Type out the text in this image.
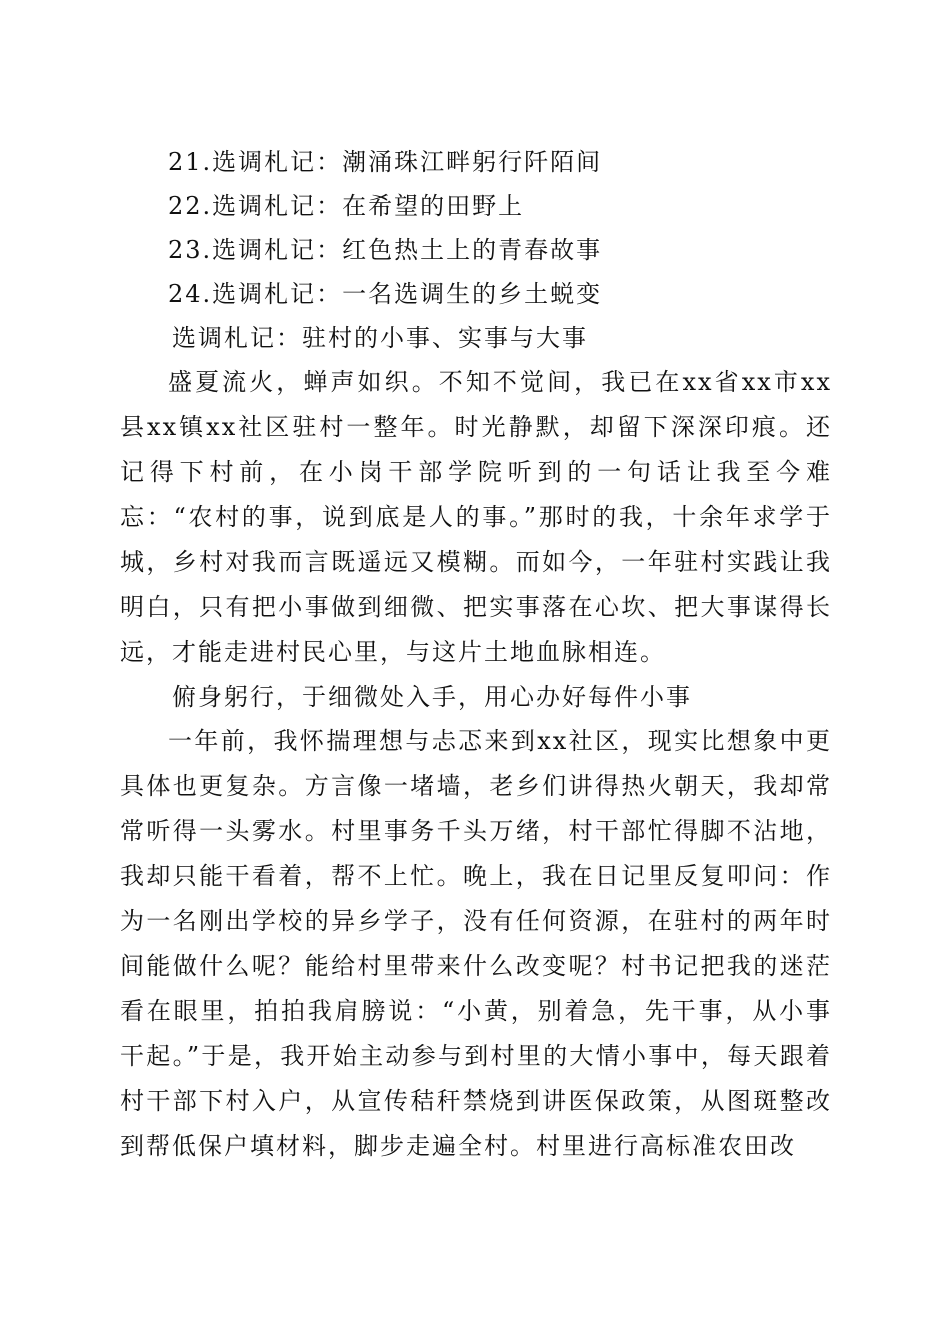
21.选调札记：潮涌珠江畔躬行阡陌间
22.选调札记：在希望的田野上
23.选调札记：红色热土上的青春故事
24.选调札记：一名选调生的乡土蜕变
选调札记：驻村的小事、实事与大事

盛夏流火，蝉声如织。不知不觉间，我已在xx省xx市xx县xx镇xx社区驻村一整年。时光静默，却留下深深印痕。还记得下村前，在小岗干部学院听到的一句话让我至今难忘：“农村的事，说到底是人的事。”那时的我，十余年求学于城，乡村对我而言既遥远又模糊。而如今，一年驻村实践让我明白，只有把小事做到细微、把实事落在心坎、把大事谋得长远，才能走进村民心里，与这片土地血脉相连。

俯身躬行，于细微处入手，用心办好每件小事

一年前，我怀揣理想与忐忑来到xx社区，现实比想象中更具体也更复杂。方言像一堵墙，老乡们讲得热火朝天，我却常常听得一头雾水。村里事务千头万绪，村干部忙得脚不沾地，我却只能干看着，帮不上忙。晚上，我在日记里反复叩问：作为一名刚出学校的异乡学子，没有任何资源，在驻村的两年时间能做什么呢？能给村里带来什么改变呢？村书记把我的迷茫看在眼里，拍拍我肩膀说：“小黄，别着急，先干事，从小事干起。”于是，我开始主动参与到村里的大情小事中，每天跟着村干部下村入户，从宣传秸秆禁烧到讲医保政策，从图斑整改到帮低保户填材料，脚步走遍全村。村里进行高标准农田改
